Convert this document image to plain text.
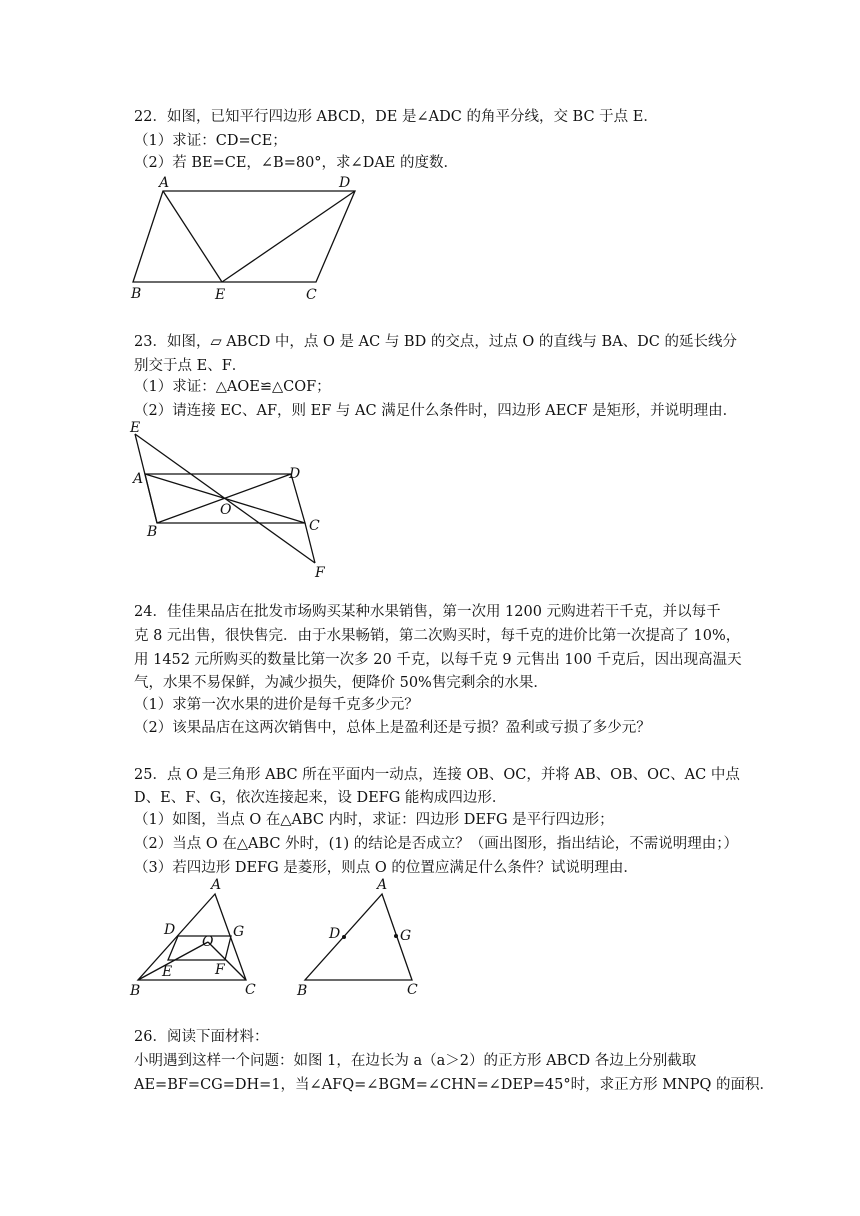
22．如图，已知平行四边形 ABCD，DE 是∠ADC 的角平分线，交 BC 于点 E．
（1）求证：CD=CE；
（2）若 BE=CE，∠B=80°，求∠DAE 的度数．
A	D
B	E	C
23．如图，▱ ABCD 中，点 O 是 AC 与 BD 的交点，过点 O 的直线与 BA、DC 的延长线分
别交于点 E、F．
（1）求证：△AOE≌△COF；
（2）请连接 EC、AF，则 EF 与 AC 满足什么条件时，四边形 AECF 是矩形，并说明理由．
E
A	D
O
B	C
F
24．佳佳果品店在批发市场购买某种水果销售，第一次用 1200 元购进若干千克，并以每千
克 8 元出售，很快售完．由于水果畅销，第二次购买时，每千克的进价比第一次提高了 10%，
用 1452 元所购买的数量比第一次多 20 千克，以每千克 9 元售出 100 千克后，因出现高温天
气，水果不易保鲜，为减少损失，便降价 50%售完剩余的水果．
（1）求第一次水果的进价是每千克多少元？
（2）该果品店在这两次销售中，总体上是盈利还是亏损？盈利或亏损了多少元？
25．点 O 是三角形 ABC 所在平面内一动点，连接 OB、OC，并将 AB、OB、OC、AC 中点
D、E、F、G，依次连接起来，设 DEFG 能构成四边形．
（1）如图，当点 O 在△ABC 内时，求证：四边形 DEFG 是平行四边形；
（2）当点 O 在△ABC 外时，(1) 的结论是否成立？（画出图形，指出结论，不需说明理由；）
（3）若四边形 DEFG 是菱形，则点 O 的位置应满足什么条件？试说明理由．
A
D	G
O
E	F
B	C
A
D	G
B	C
26．阅读下面材料：
小明遇到这样一个问题：如图 1，在边长为 a（a＞2）的正方形 ABCD 各边上分别截取
AE=BF=CG=DH=1，当∠AFQ=∠BGM=∠CHN=∠DEP=45°时，求正方形 MNPQ 的面积．
